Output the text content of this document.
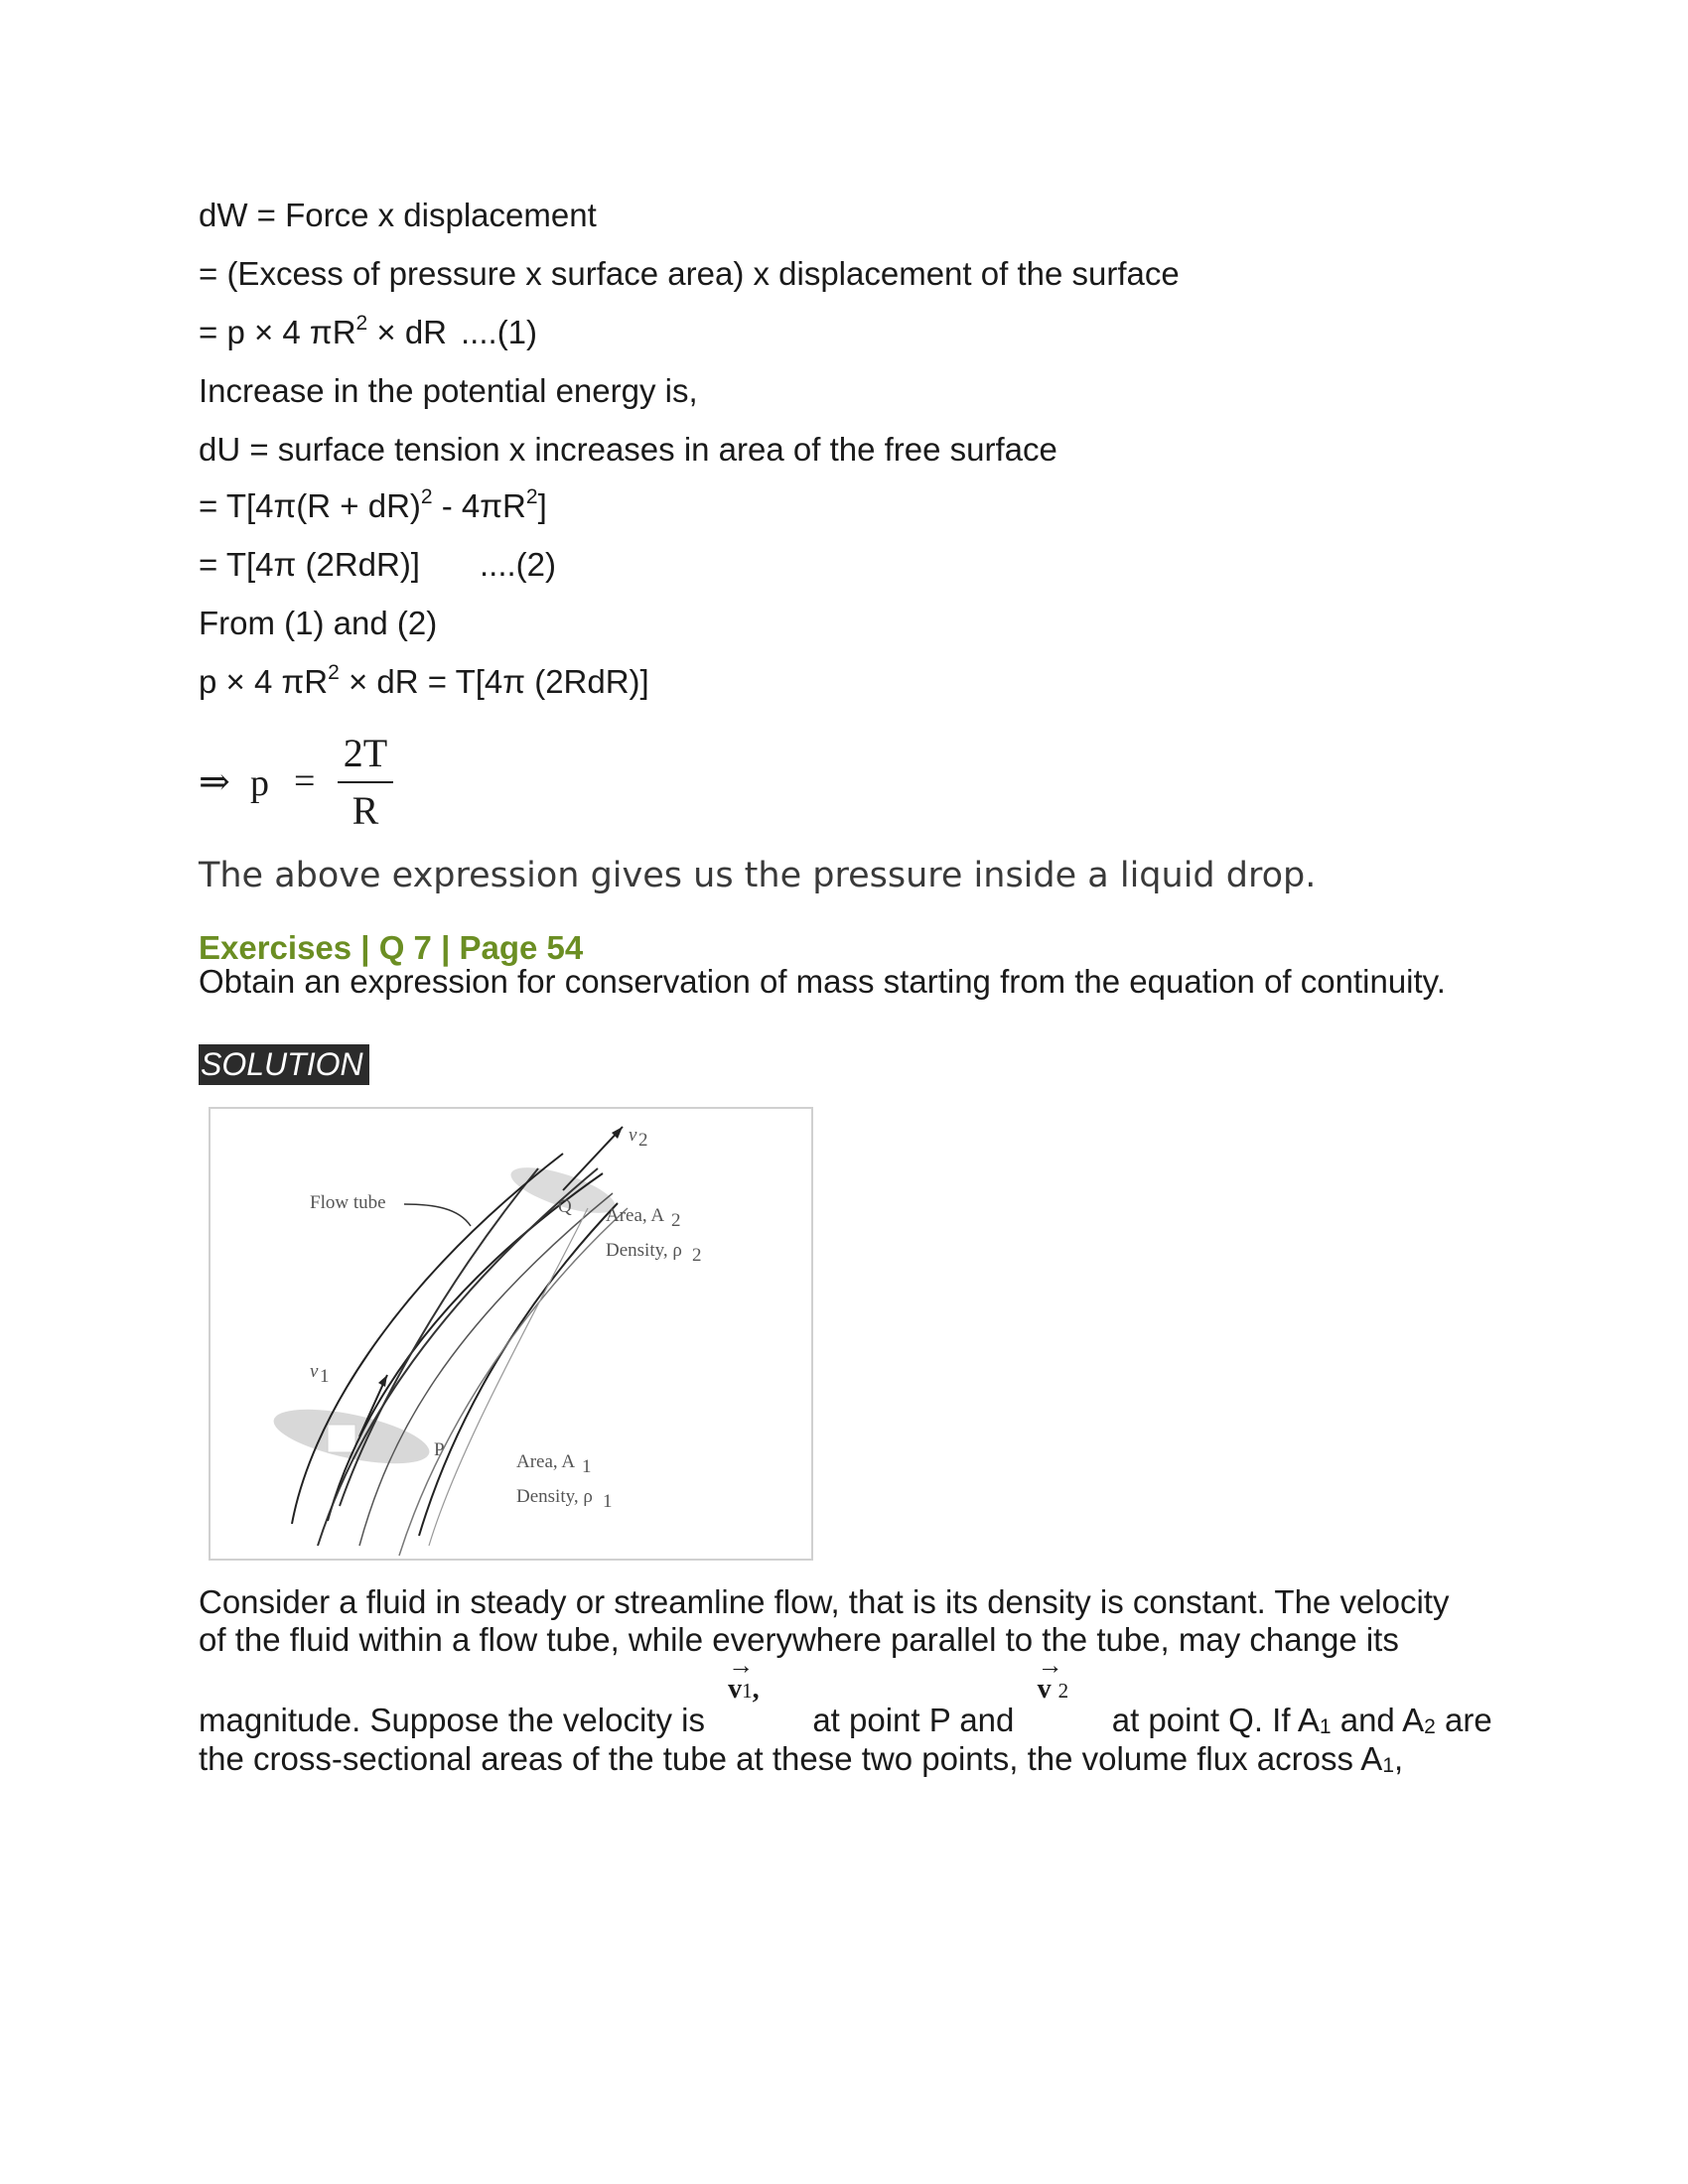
dW = Force x displacement
= (Excess of pressure x surface area) x displacement of the surface
= p × 4 $\pi R^2$ × dR ....(1)
Increase in the potential energy is,
dU = surface tension x increases in area of the free surface
= $T[4\pi(R + dR)^2 - 4\pi R^2]$
= T[4π (2RdR)] ....(2)
From (1) and (2)
p × 4 $\pi R^2$ × dR = T[4π (2RdR)]
⇒ p =
2T
R
The above expression gives us the pressure inside a liquid drop.
Exercises | Q 7 | Page 54
Obtain an expression for conservation of mass starting from the equation of continuity.
SOLUTION
Flow tube
v 2
Q Area, A 2
Density, ρ 2
v 1
P
Area, A 1
Density, ρ 1
Consider a fluid in steady or streamline flow, that is its density is constant. The velocity
of the fluid within a flow tube, while everywhere parallel to the tube, may change its
magnitude. Suppose the velocity is
→
v1,
at point P and
→
v 2
at point Q. If A1 and A2 are
the cross-sectional areas of the tube at these two points, the volume flux across A1,
